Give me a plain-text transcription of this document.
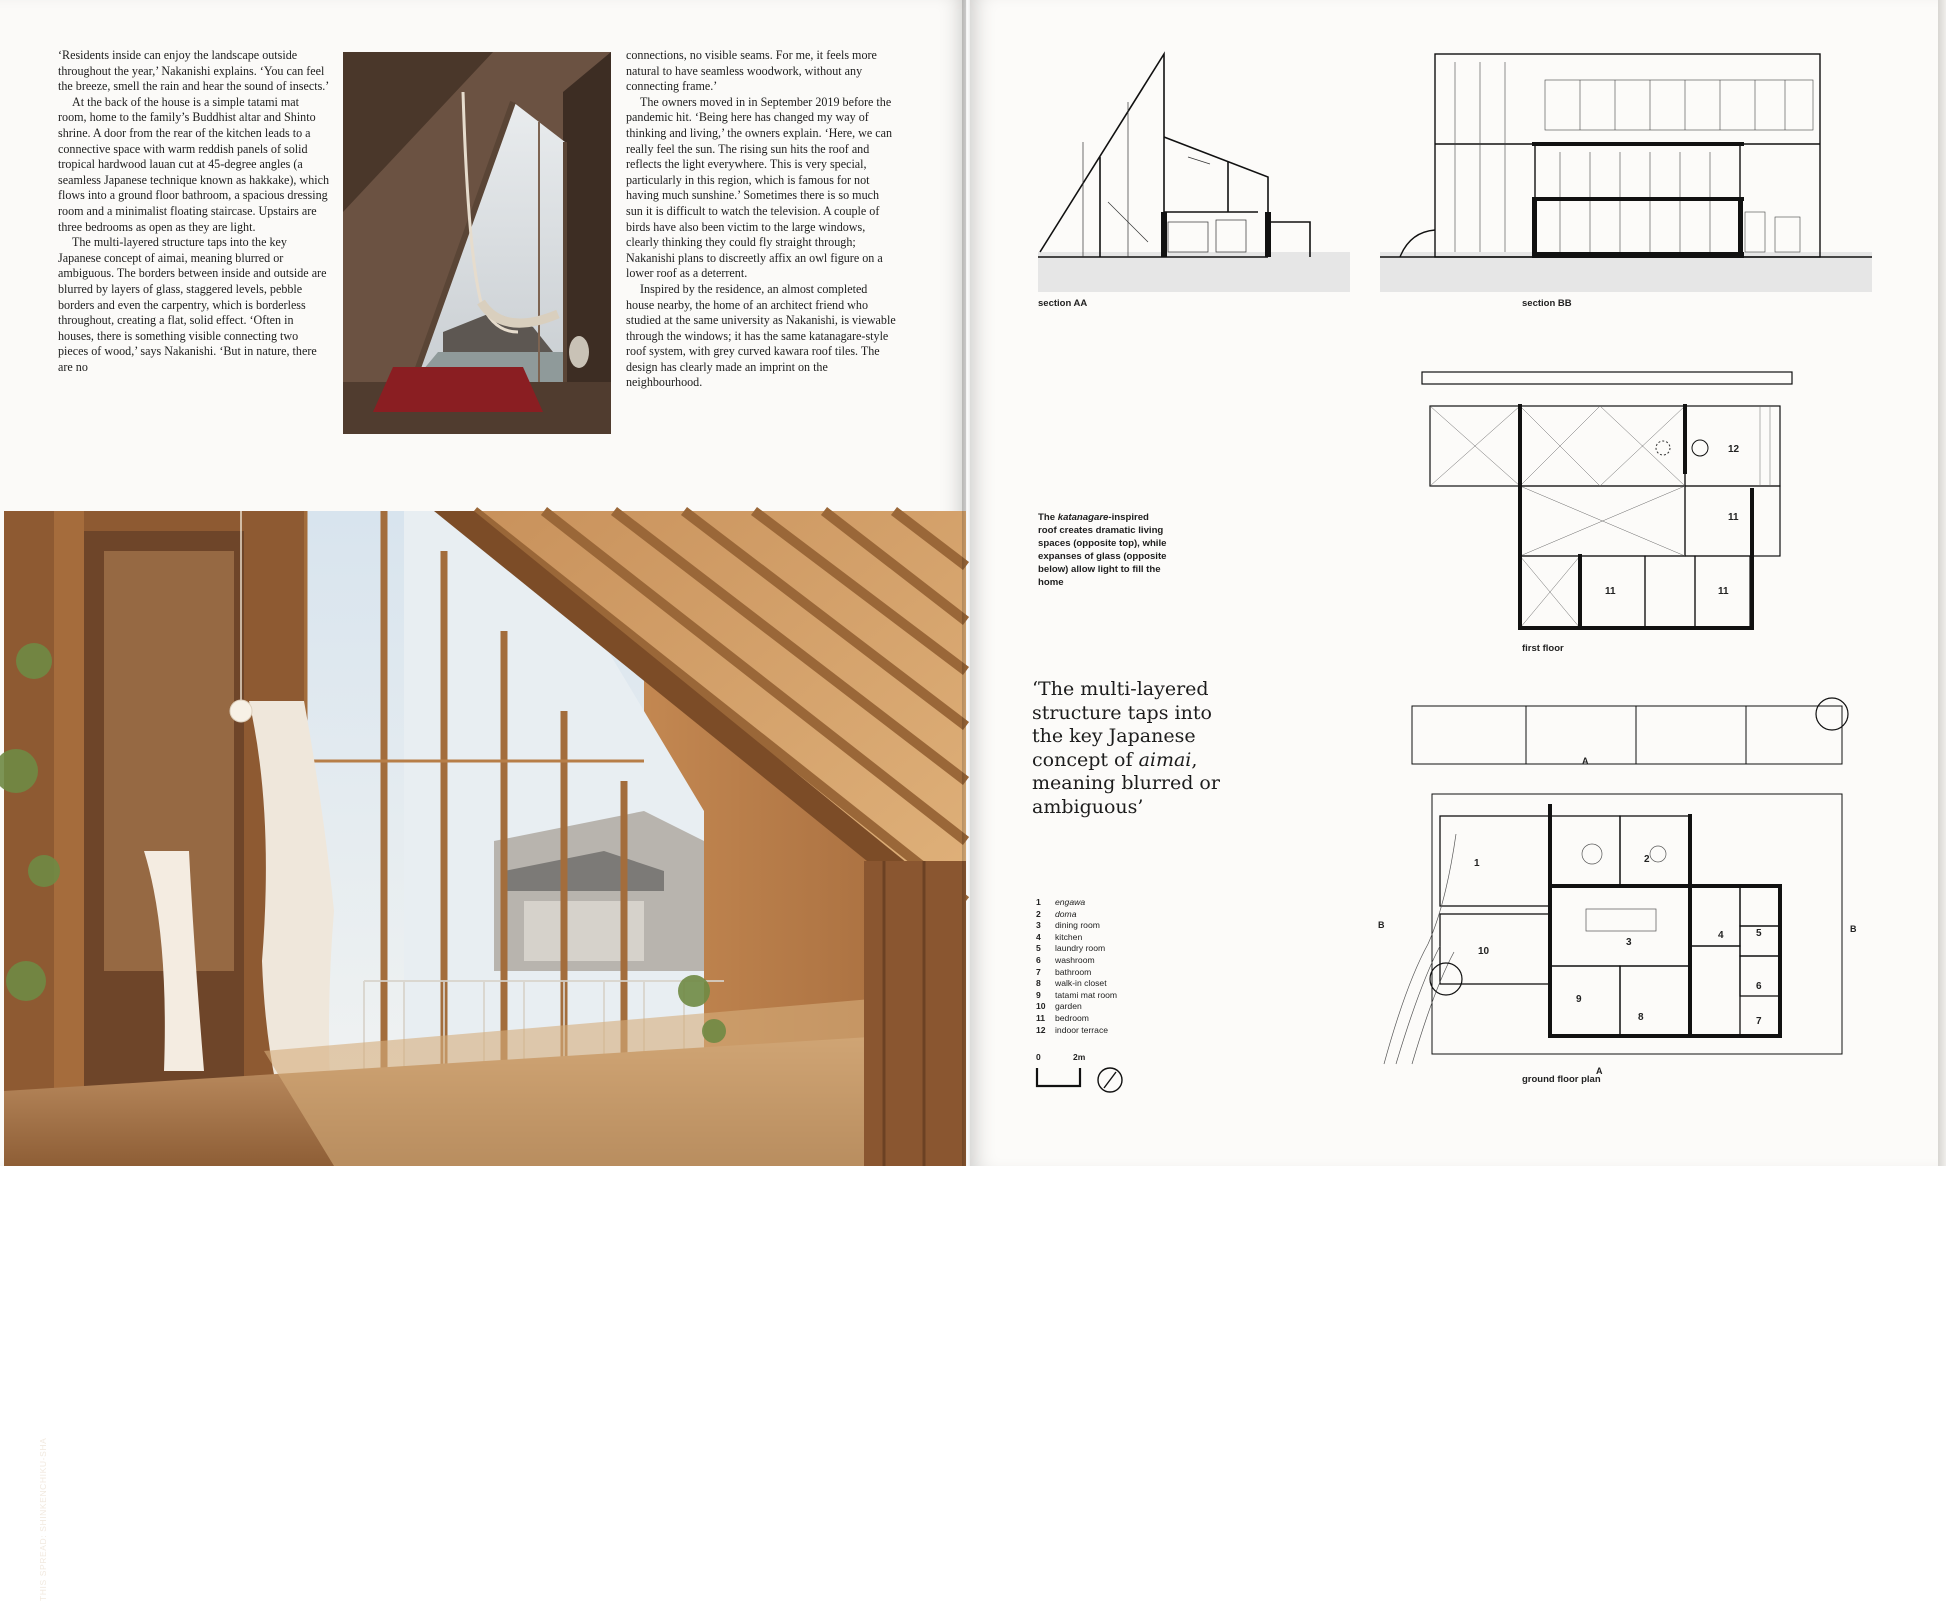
‘Residents inside can enjoy the landscape outside throughout the year,’ Nakanishi explains. ‘You can feel the breeze, smell the rain and hear the sound of insects.’

At the back of the house is a simple tatami mat room, home to the family’s Buddhist altar and Shinto shrine. A door from the rear of the kitchen leads to a connective space with warm reddish panels of solid tropical hardwood lauan cut at 45-degree angles (a seamless Japanese technique known as hakkake), which flows into a ground floor bathroom, a spacious dressing room and a minimalist floating staircase. Upstairs are three bedrooms as open as they are light.

The multi-layered structure taps into the key Japanese concept of aimai, meaning blurred or ambiguous. The borders between inside and outside are blurred by layers of glass, staggered levels, pebble borders and even the carpentry, which is borderless throughout, creating a flat, solid effect. ‘Often in houses, there is something visible connecting two pieces of wood,’ says Nakanishi. ‘But in nature, there are no

THIS SPREAD: SHINKENCHIKU-SHA

connections, no visible seams. For me, it feels more natural to have seamless woodwork, without any connecting frame.’

The owners moved in in September 2019 before the pandemic hit. ‘Being here has changed my way of thinking and living,’ the owners explain. ‘Here, we can really feel the sun. The rising sun hits the roof and reflects the light everywhere. This is very special, particularly in this region, which is famous for not having much sunshine.’ Sometimes there is so much sun it is difficult to watch the television. A couple of birds have also been victim to the large windows, clearly thinking they could fly straight through; Nakanishi plans to discreetly affix an owl figure on a lower roof as a deterrent.

Inspired by the residence, an almost completed house nearby, the home of an architect friend who studied at the same university as Nakanishi, is viewable through the windows; it has the same katanagare-style roof system, with grey curved kawara roof tiles. The design has clearly made an imprint on the neighbourhood.

section AA	section BB
The katanagare-inspired roof creates dramatic living spaces (opposite top), while expanses of glass (opposite below) allow light to fill the home
12
11
11	11
first floor
‘The multi-layered structure taps into the key Japanese concept of aimai, meaning blurred or ambiguous’
1	2
3
4	5
6
7
8
9
10
A
A
B	B
ground floor plan
1	engawa
2	doma
3	dining room
4	kitchen
5	laundry room
6	washroom
7	bathroom
8	walk-in closet
9	tatami mat room
10	garden
11	bedroom
12	indoor terrace
0	2m
